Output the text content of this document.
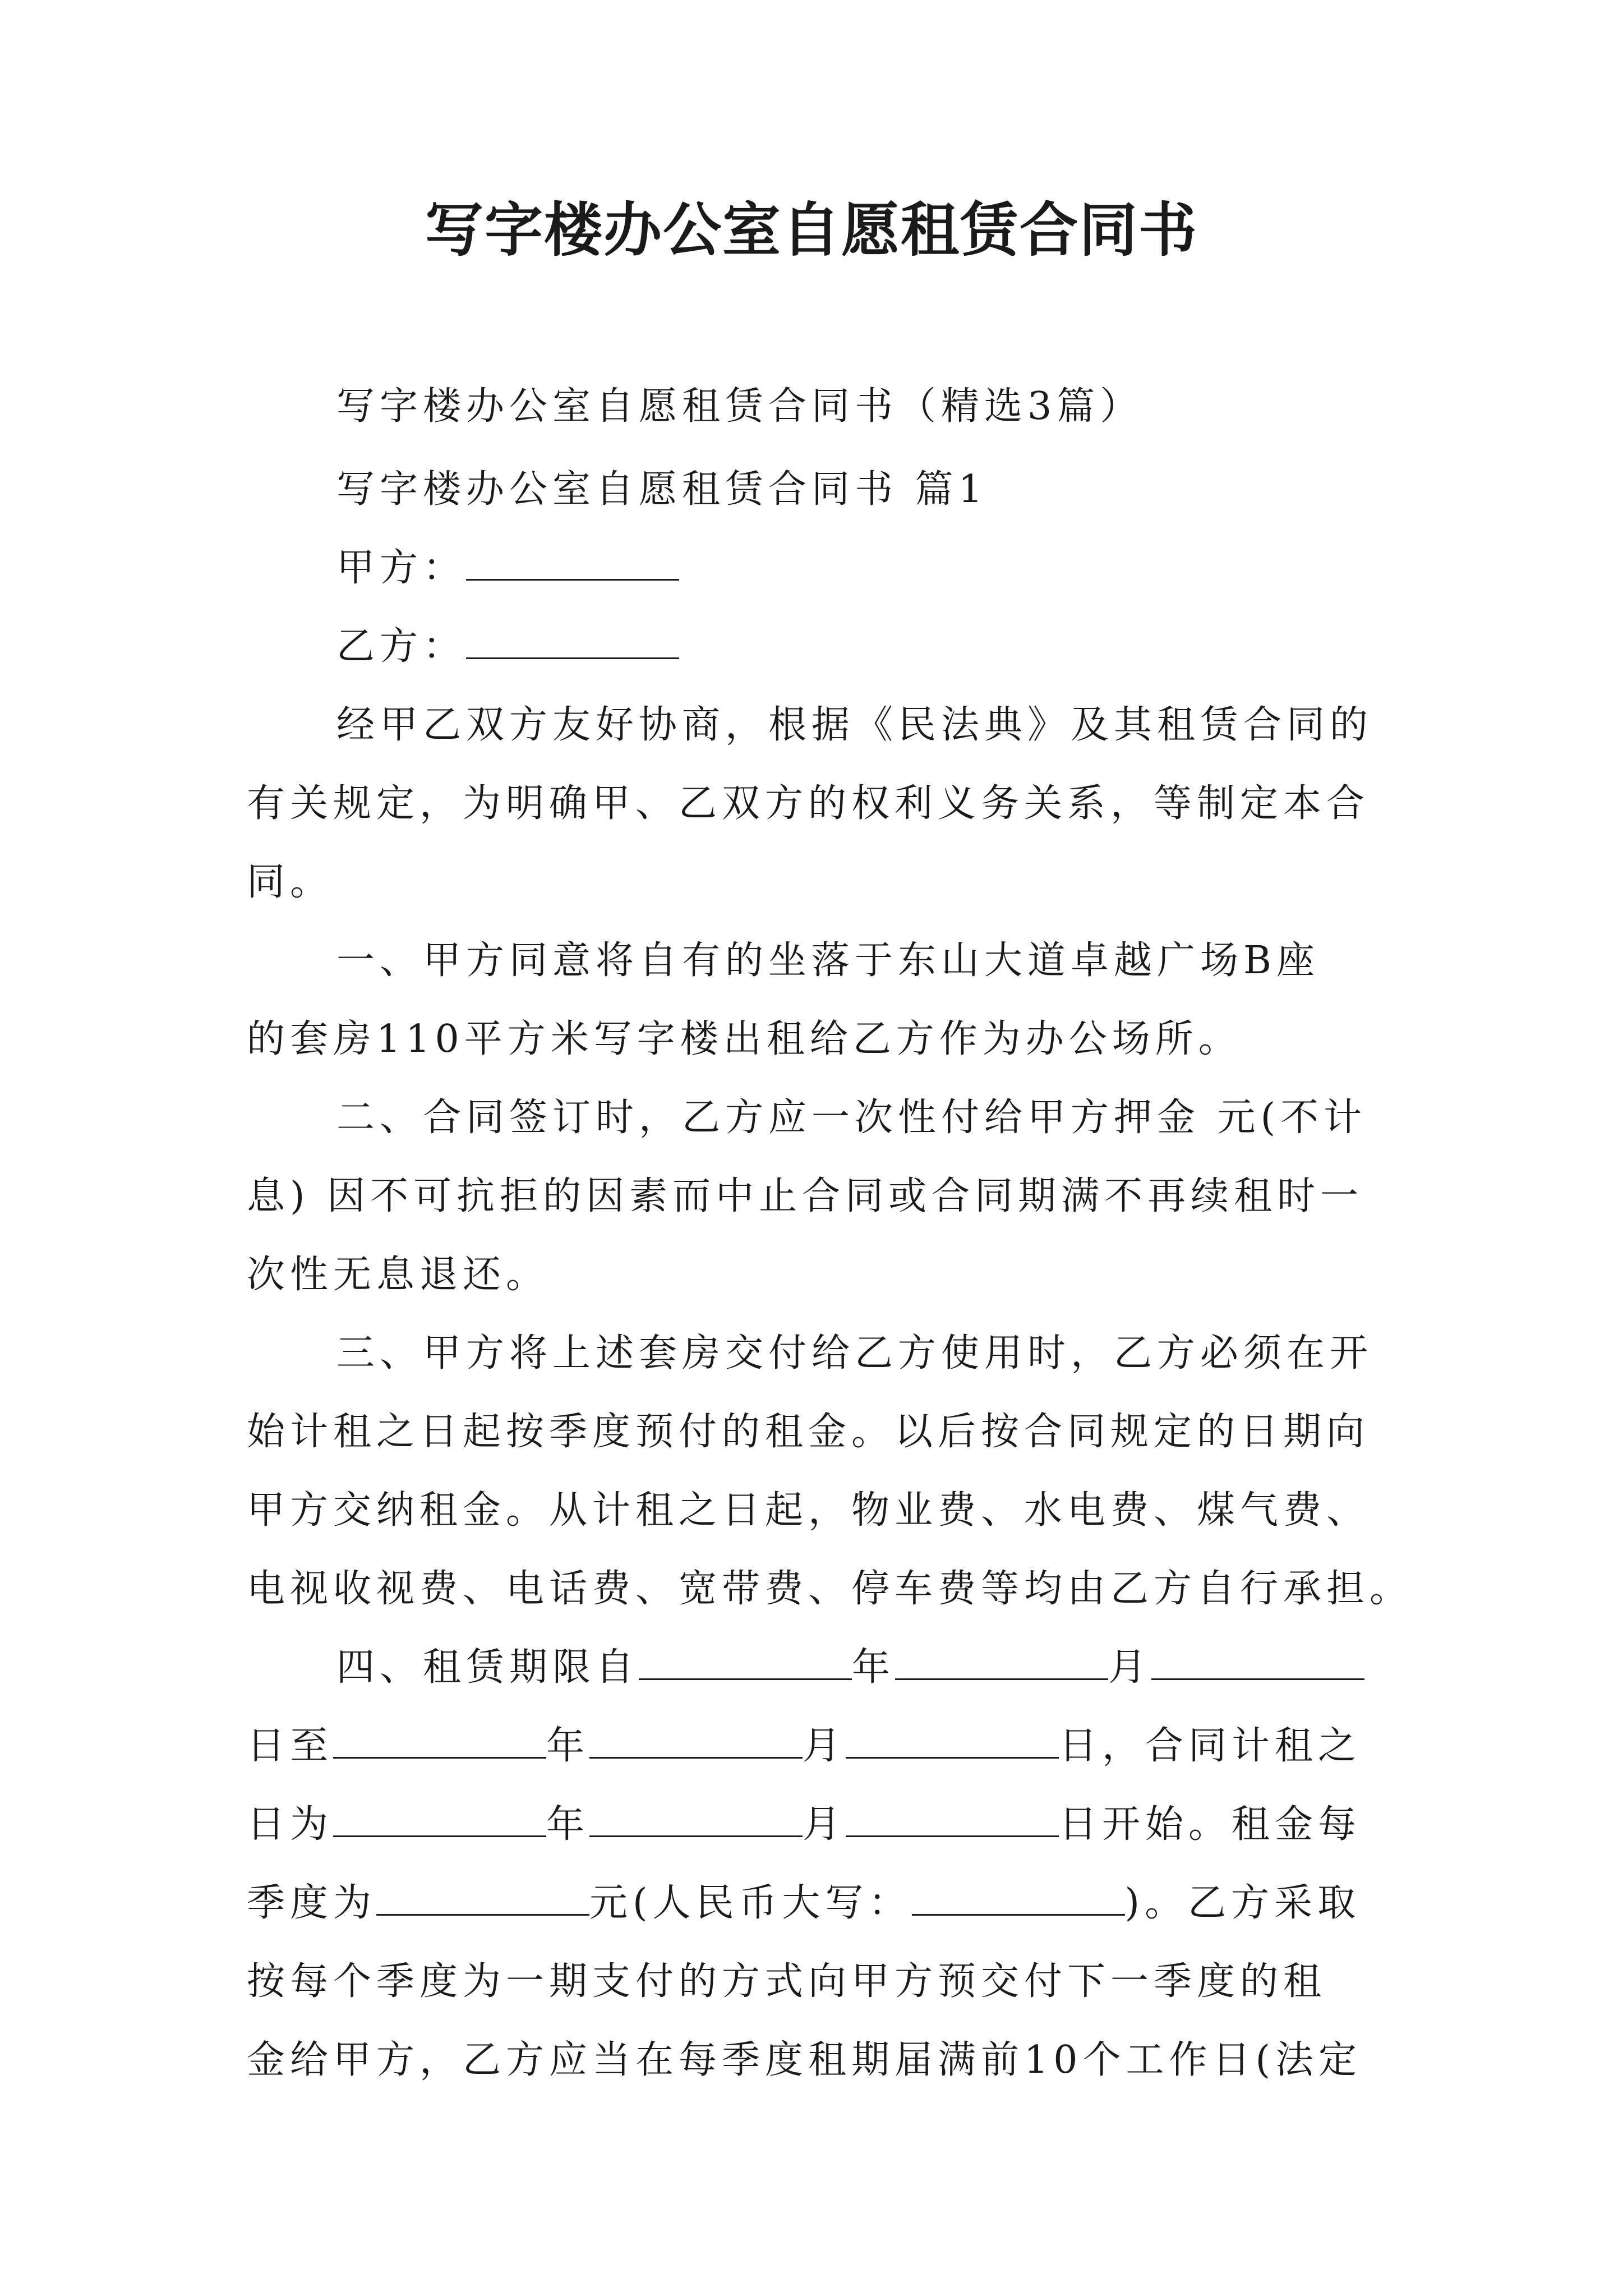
写字楼办公室自愿租赁合同书
写字楼办公室自愿租赁合同书（精选3篇）
写字楼办公室自愿租赁合同书 篇1
甲方：
乙方：
经甲乙双方友好协商，根据《民法典》及其租赁合同的
有关规定，为明确甲、乙双方的权利义务关系，等制定本合
同。
一、甲方同意将自有的坐落于东山大道卓越广场B座
的套房110平方米写字楼出租给乙方作为办公场所。
二、合同签订时，乙方应一次性付给甲方押金 元(不计
息) 因不可抗拒的因素而中止合同或合同期满不再续租时一
次性无息退还。
三、甲方将上述套房交付给乙方使用时，乙方必须在开
始计租之日起按季度预付的租金。以后按合同规定的日期向
甲方交纳租金。从计租之日起，物业费、水电费、煤气费、
电视收视费、电话费、宽带费、停车费等均由乙方自行承担。
四、租赁期限自	年	月
日至	年	月	日，合同计租之
日为	年	月	日开始。租金每
季度为	元(人民币大写：	)。乙方采取
按每个季度为一期支付的方式向甲方预交付下一季度的租
金给甲方，乙方应当在每季度租期届满前10个工作日(法定
